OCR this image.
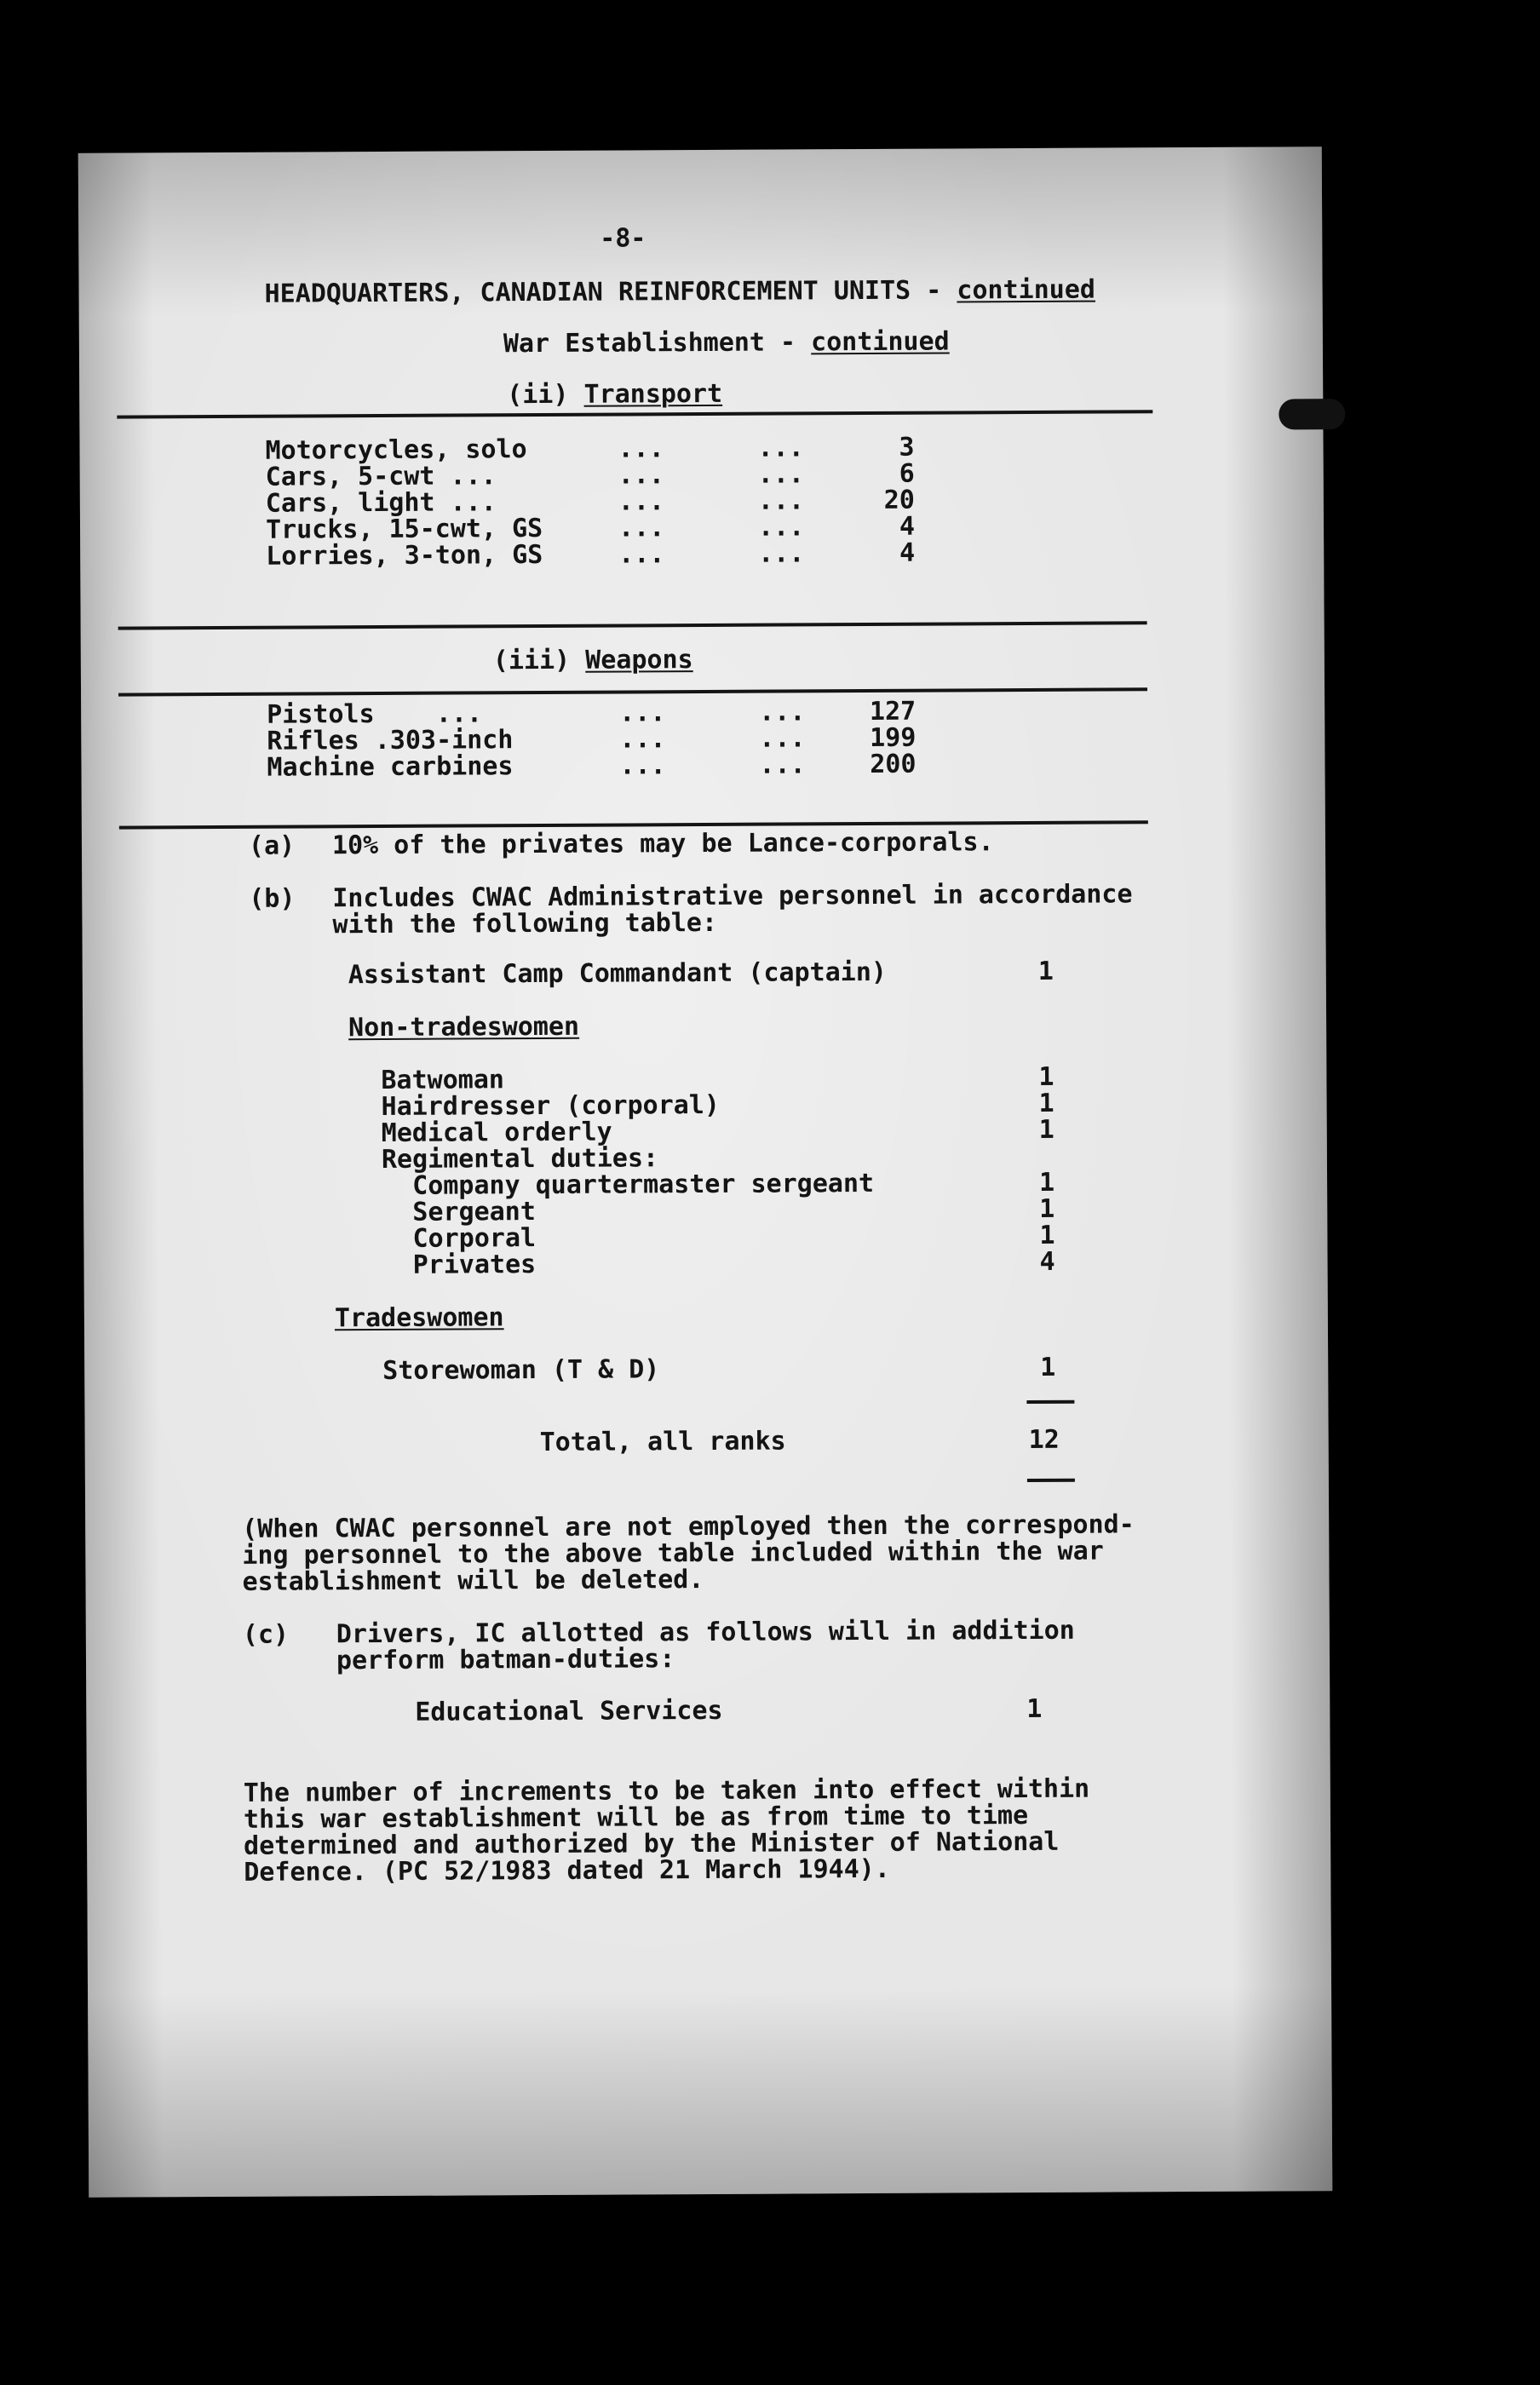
-8-
HEADQUARTERS, CANADIAN REINFORCEMENT UNITS - continued
War Establishment - continued
(ii) Transport
Motorcycles, solo	...	...	3
Cars, 5-cwt ...	...	...	6
Cars, light ...	...	...	20
Trucks, 15-cwt, GS	...	...	4
Lorries, 3-ton, GS	...	...	4
(iii) Weapons
Pistols    ...	...	...	127
Rifles .303-inch	...	...	199
Machine carbines	...	...	200
(a) 10% of the privates may be Lance-corporals.
(b) Includes CWAC Administrative personnel in accordance
with the following table:
Assistant Camp Commandant (captain)	1
Non-tradeswomen
Batwoman	1
Hairdresser (corporal)	1
Medical orderly	1
Regimental duties:
Company quartermaster sergeant	1
Sergeant	1
Corporal	1
Privates	4
Tradeswomen
Storewoman (T & D)	1
Total, all ranks	12
(When CWAC personnel are not employed then the correspond-
ing personnel to the above table included within the war
establishment will be deleted.
(c) Drivers, IC allotted as follows will in addition
perform batman-duties:
Educational Services	1
The number of increments to be taken into effect within
this war establishment will be as from time to time
determined and authorized by the Minister of National
Defence. (PC 52/1983 dated 21 March 1944).
